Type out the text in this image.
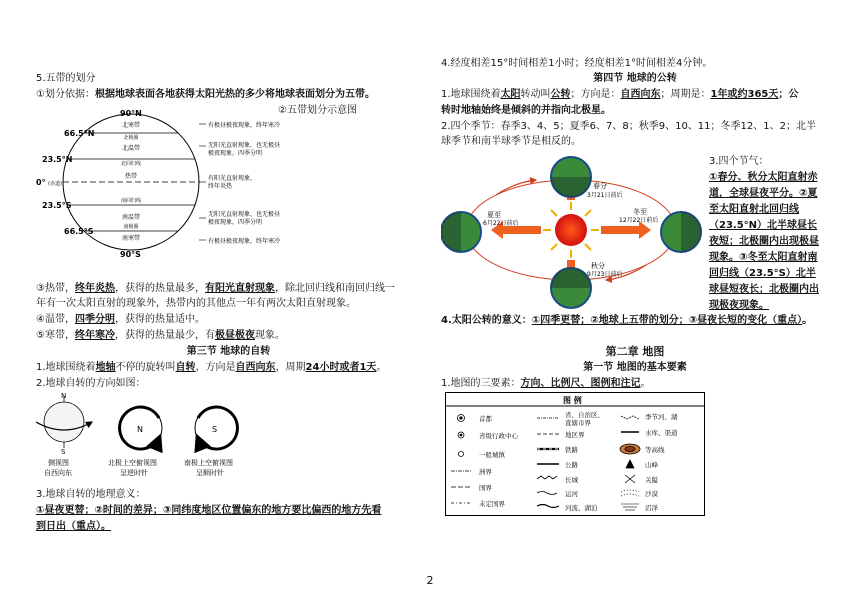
5.五带的划分
①划分依据：根据地球表面各地获得太阳光热的多少将地球表面划分为五带。
②五带划分示意图
90°N
66.5°N
23.5°N
0° (赤道)
23.5°S
66.5°S
90°S
北寒带
北极圈
北温带
北回归线
热带
南回归线
南温带
南极圈
南寒带
有极昼极夜现象，终年寒冷
无阳光直射现象，也无极昼
极夜现象，四季分明
有阳光直射现象，
终年炎热
无阳光直射现象，也无极昼
极夜现象，四季分明
有极昼极夜现象，终年寒冷
③热带，终年炎热，获得的热量最多，有阳光直射现象，除北回归线和南回归线一
年有一次太阳直射的现象外，热带内的其他点一年有两次太阳直射现象。
④温带，四季分明，获得的热量适中。
⑤寒带，终年寒冷，获得的热量最少，有极昼极夜现象。
第三节 地球的自转
1.地球围绕着地轴不停的旋转叫自转，方向是自西向东，周期24小时或者1天。
2.地球自转的方向如图：
N
S
侧视图
自西向东
N
北极上空俯视图
呈逆时针
S
南极上空俯视图
呈顺时针
3.地球自转的地理意义：
①昼夜更替；②时间的差异；③同纬度地区位置偏东的地方要比偏西的地方先看
到日出（重点）。
4.经度相差15°时间相差1小时；经度相差1°时间相差4分钟。
第四节 地球的公转
1.地球围绕着太阳转动叫公转；方向是：自西向东；周期是：1年或约365天；公
转时地轴始终是倾斜的并指向北极星。
2.四个季节：春季3、4、5；夏季6、7、8；秋季9、10、11；冬季12、1、2；北半
球季节和南半球季节是相反的。
春分
3月21日前后
夏至
6月22日前后
冬至
12月22日前后
秋分
9月23日前后
3.四个节气：
①春分、秋分太阳直射赤
道，全球昼夜平分。②夏
至太阳直射北回归线
（23.5°N）北半球昼长
夜短；北极圈内出现极昼
现象。③冬至太阳直射南
回归线（23.5°S）北半
球昼短夜长；北极圈内出
现极夜现象。
4.太阳公转的意义：①四季更替；②地球上五带的划分；③昼夜长短的变化（重点）。
第二章 地图
第一节 地图的基本要素
1.地图的三要素：方向、比例尺、图例和注记。
图 例
首都
省级行政中心
一般城镇
洲界
国界
未定国界
省、自治区、
直辖市界
地区界
铁路
公路
长城
运河
河流、湖泊
季节河、湖
水库、渠道
等高线
山峰
关隘
沙漠
沼泽
2
